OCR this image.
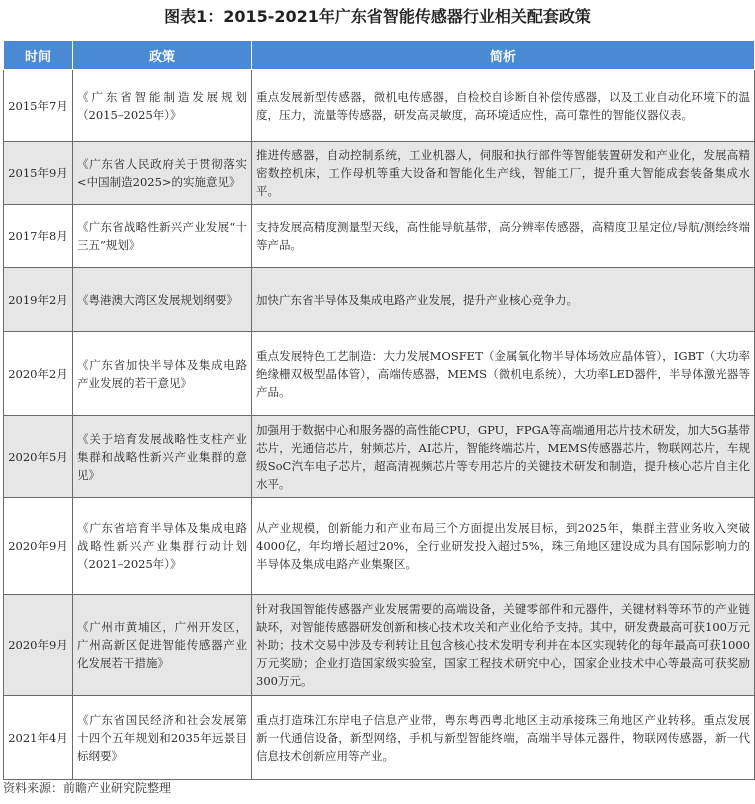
图表1：2015-2021年广东省智能传感器行业相关配套政策
时间	政策	简析
2015年7月	《广东省智能制造发展规划（2015–2025年）》	重点发展新型传感器，微机电传感器，自检校自诊断自补偿传感器，以及工业自动化环境下的温度，压力，流量等传感器，研发高灵敏度，高环境适应性，高可靠性的智能仪器仪表。
2015年9月	《广东省人民政府关于贯彻落实<中国制造2025>的实施意见》	推进传感器，自动控制系统，工业机器人，伺服和执行部件等智能装置研发和产业化，发展高精密数控机床，工作母机等重大设备和智能化生产线，智能工厂，提升重大智能成套装备集成水平。
2017年8月	《广东省战略性新兴产业发展“十三五”规划》	支持发展高精度测量型天线，高性能导航基带，高分辨率传感器，高精度卫星定位/导航/测绘终端等产品。
2019年2月	《粤港澳大湾区发展规划纲要》	加快广东省半导体及集成电路产业发展，提升产业核心竞争力。
2020年2月	《广东省加快半导体及集成电路产业发展的若干意见》	重点发展特色工艺制造：大力发展MOSFET（金属氧化物半导体场效应晶体管），IGBT（大功率绝缘栅双极型晶体管），高端传感器，MEMS（微机电系统），大功率LED器件，半导体激光器等产品。
2020年5月	《关于培育发展战略性支柱产业集群和战略性新兴产业集群的意见》	加强用于数据中心和服务器的高性能CPU，GPU，FPGA等高端通用芯片技术研发，加大5G基带芯片，光通信芯片，射频芯片，AI芯片，智能终端芯片，MEMS传感器芯片，物联网芯片，车规级SoC汽车电子芯片，超高清视频芯片等专用芯片的关键技术研发和制造，提升核心芯片自主化水平。
2020年9月	《广东省培育半导体及集成电路战略性新兴产业集群行动计划（2021–2025年）》	从产业规模，创新能力和产业布局三个方面提出发展目标，到2025年，集群主营业务收入突破4000亿，年均增长超过20%，全行业研发投入超过5%，珠三角地区建设成为具有国际影响力的半导体及集成电路产业集聚区。
2020年9月	《广州市黄埔区，广州开发区，广州高新区促进智能传感器产业化发展若干措施》	针对我国智能传感器产业发展需要的高端设备，关键零部件和元器件，关键材料等环节的产业链缺环，对智能传感器研发创新和核心技术攻关和产业化给予支持。其中，研发费最高可获100万元补助；技术交易中涉及专利转让且包含核心技术发明专利并在本区实现转化的每年最高可获1000万元奖励；企业打造国家级实验室，国家工程技术研究中心，国家企业技术中心等最高可获奖励300万元。
2021年4月	《广东省国民经济和社会发展第十四个五年规划和2035年远景目标纲要》	重点打造珠江东岸电子信息产业带，粤东粤西粤北地区主动承接珠三角地区产业转移。重点发展新一代通信设备，新型网络，手机与新型智能终端，高端半导体元器件，物联网传感器，新一代信息技术创新应用等产业。
资料来源：前瞻产业研究院整理
